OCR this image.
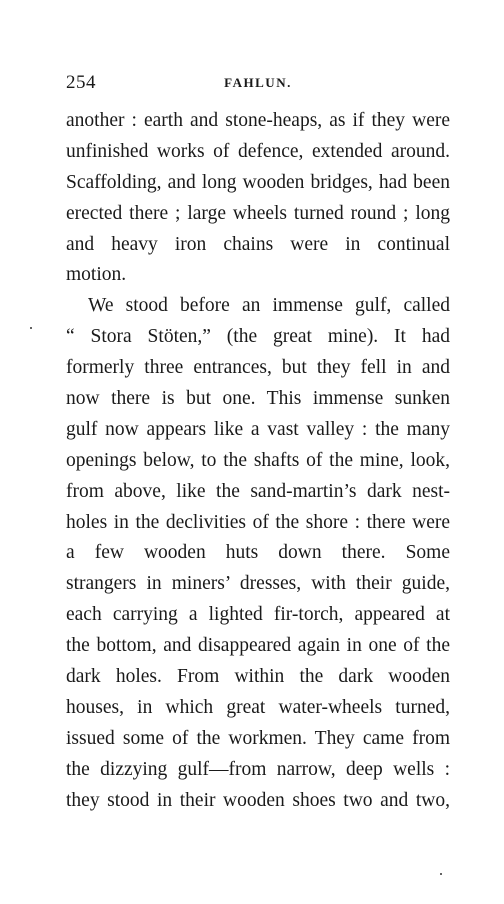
254	FAHLUN.
another : earth and stone-heaps, as if they were
unfinished works of defence, extended around.
Scaffolding, and long wooden bridges, had been
erected there ; large wheels turned round ; long
and heavy iron chains were in continual
motion.
We stood before an immense gulf, called
“ Stora Stöten,” (the great mine). It had
formerly three entrances, but they fell in and
now there is but one. This immense sunken
gulf now appears like a vast valley : the many
openings below, to the shafts of the mine, look,
from above, like the sand-martin’s dark nest-
holes in the declivities of the shore : there were
a few wooden huts down there. Some
strangers in miners’ dresses, with their guide,
each carrying a lighted fir-torch, appeared at
the bottom, and disappeared again in one of the
dark holes. From within the dark wooden
houses, in which great water-wheels turned,
issued some of the workmen. They came from
the dizzying gulf—from narrow, deep wells :
they stood in their wooden shoes two and two,
